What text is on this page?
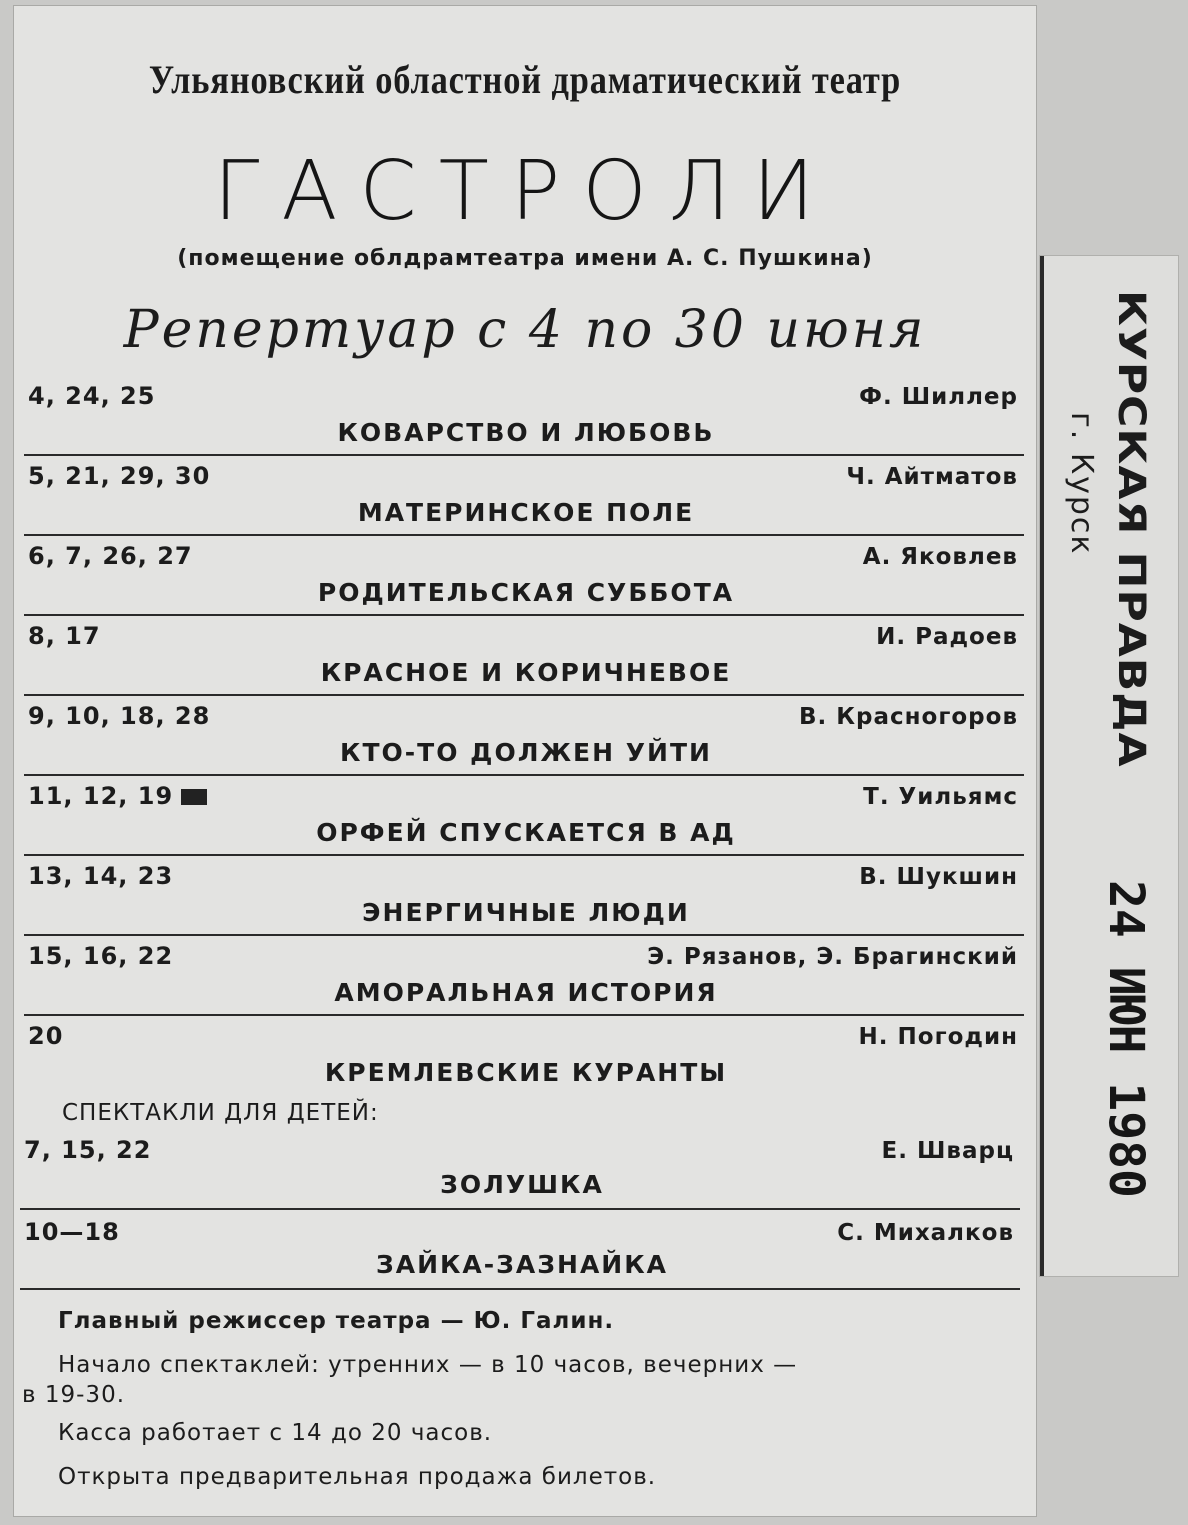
Ульяновский областной драматический театр
ГАСТРОЛИ
(помещение облдрамтеатра имени А. С. Пушкина)
Репертуар с 4 по 30 июня
4, 24, 25	Ф. Шиллер
КОВАРСТВО И ЛЮБОВЬ
5, 21, 29, 30	Ч. Айтматов
МАТЕРИНСКОЕ ПОЛЕ
6, 7, 26, 27	А. Яковлев
РОДИТЕЛЬСКАЯ СУББОТА
8, 17	И. Радоев
КРАСНОЕ И КОРИЧНЕВОЕ
9, 10, 18, 28	В. Красногоров
КТО-ТО ДОЛЖЕН УЙТИ
11, 12, 19	Т. Уильямс
ОРФЕЙ СПУСКАЕТСЯ В АД
13, 14, 23	В. Шукшин
ЭНЕРГИЧНЫЕ ЛЮДИ
15, 16, 22	Э. Рязанов, Э. Брагинский
АМОРАЛЬНАЯ ИСТОРИЯ
20	Н. Погодин
КРЕМЛЕВСКИЕ КУРАНТЫ
СПЕКТАКЛИ ДЛЯ ДЕТЕЙ:
7, 15, 22	Е. Шварц
ЗОЛУШКА
10—18	С. Михалков
ЗАЙКА-ЗАЗНАЙКА
Главный режиссер театра — Ю. Галин.
Начало спектаклей: утренних — в 10 часов, вечерних —
в 19-30.
Касса работает с 14 до 20 часов.
Открыта предварительная продажа билетов.
КУРСКАЯ ПРАВДА
г. Курск
24 ИЮН 1980
